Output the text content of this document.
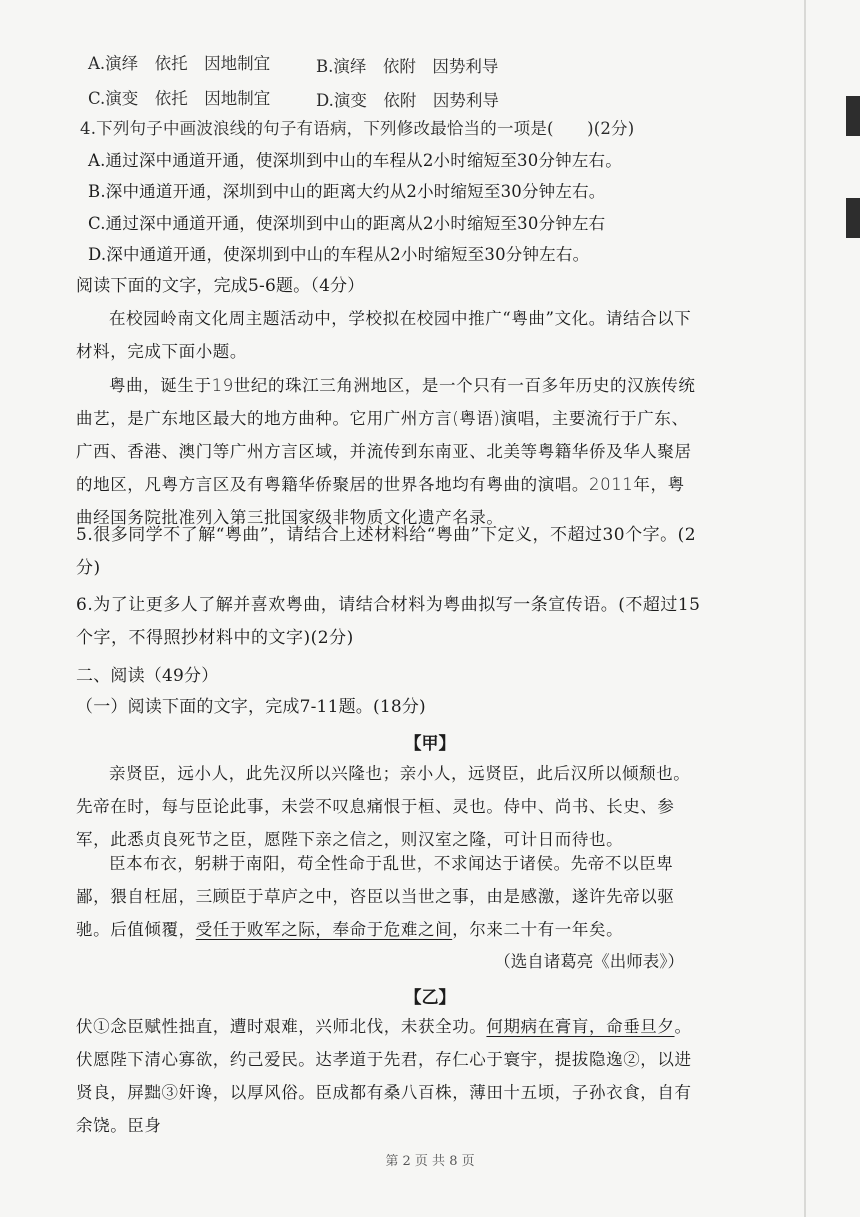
A.演绎　依托　因地制宜	B.演绎　依附　因势利导
C.演变　依托　因地制宜	D.演变　依附　因势利导
4.下列句子中画波浪线的句子有语病，下列修改最恰当的一项是(　　)(2分)
A.通过深中通道开通，使深圳到中山的车程从2小时缩短至30分钟左右。
B.深中通道开通，深圳到中山的距离大约从2小时缩短至30分钟左右。
C.通过深中通道开通，使深圳到中山的距离从2小时缩短至30分钟左右
D.深中通道开通，使深圳到中山的车程从2小时缩短至30分钟左右。
阅读下面的文字，完成5-6题。（4分）
在校园岭南文化周主题活动中，学校拟在校园中推广“粤曲”文化。请结合以下材料，完成下面小题。
粤曲，诞生于19世纪的珠江三角洲地区，是一个只有一百多年历史的汉族传统曲艺，是广东地区最大的地方曲种。它用广州方言(粤语)演唱，主要流行于广东、广西、香港、澳门等广州方言区域，并流传到东南亚、北美等粤籍华侨及华人聚居的地区，凡粤方言区及有粤籍华侨聚居的世界各地均有粤曲的演唱。2011年，粤曲经国务院批准列入第三批国家级非物质文化遗产名录。
5.很多同学不了解“粤曲”，请结合上述材料给“粤曲”下定义，不超过30个字。(2分)
6.为了让更多人了解并喜欢粤曲，请结合材料为粤曲拟写一条宣传语。(不超过15个字，不得照抄材料中的文字)(2分)
二、阅读（49分）
（一）阅读下面的文字，完成7-11题。(18分)
【甲】
亲贤臣，远小人，此先汉所以兴隆也；亲小人，远贤臣，此后汉所以倾颓也。先帝在时，每与臣论此事，未尝不叹息痛恨于桓、灵也。侍中、尚书、长史、参军，此悉贞良死节之臣，愿陛下亲之信之，则汉室之隆，可计日而待也。
臣本布衣，躬耕于南阳，苟全性命于乱世，不求闻达于诸侯。先帝不以臣卑鄙，猥自枉屈，三顾臣于草庐之中，咨臣以当世之事，由是感激，遂许先帝以驱驰。后值倾覆，受任于败军之际，奉命于危难之间，尔来二十有一年矣。
（选自诸葛亮《出师表》）
【乙】
伏①念臣赋性拙直，遭时艰难，兴师北伐，未获全功。何期病在膏肓，命垂旦夕。伏愿陛下清心寡欲，约己爱民。达孝道于先君，存仁心于寰宇，提拔隐逸②，以进贤良，屏黜③奸谗，以厚风俗。臣成都有桑八百株，薄田十五顷，子孙衣食，自有余饶。臣身
第 2 页 共 8 页
